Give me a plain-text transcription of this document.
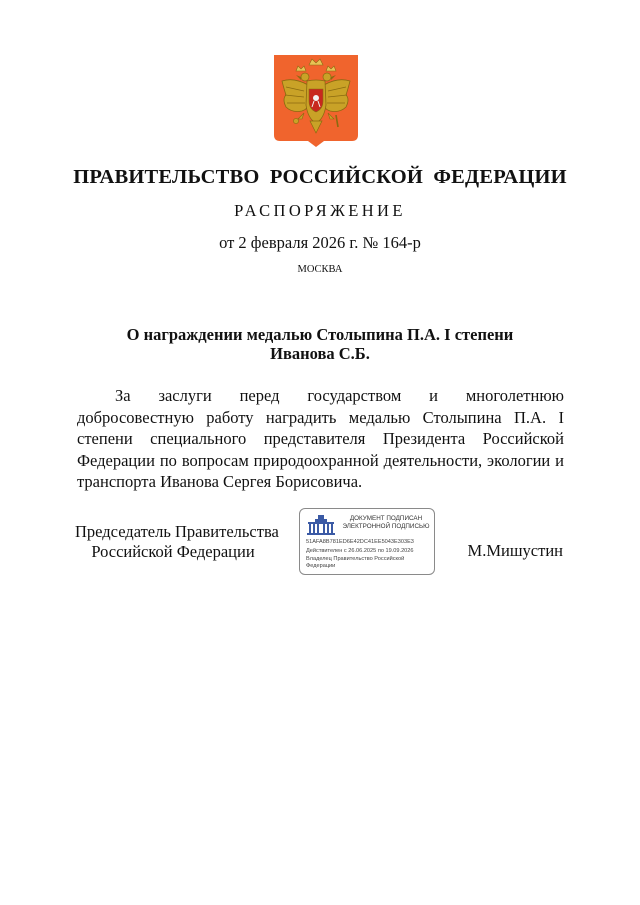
ПРАВИТЕЛЬСТВО РОССИЙСКОЙ ФЕДЕРАЦИИ
РАСПОРЯЖЕНИЕ
от 2 февраля 2026 г. № 164-р
МОСКВА
О награждении медалью Столыпина П.А. I степени
Иванова С.Б.
За заслуги перед государством и многолетнюю добросовестную работу наградить медалью Столыпина П.А. I степени специального представителя Президента Российской Федерации по вопросам природоохранной деятельности, экологии и транспорта Иванова Сергея Борисовича.
Председатель Правительства
Российской Федерации
ДОКУМЕНТ ПОДПИСАН
ЭЛЕКТРОННОЙ ПОДПИСЬЮ
51AFA8B781ED6E42DC41EE5043E303E3
Действителен с 26.06.2025 по 19.09.2026
Владелец Правительство Российской
Федерации
М.Мишустин
